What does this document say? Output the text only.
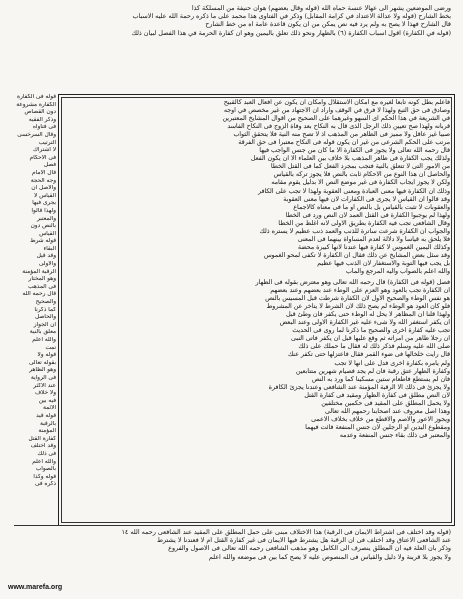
ورضى الموضعين يشهر الى عهالا عنسة حماه الله (قوله وقال بعضهم) هوان حنيفة من المسلكة كذا
بخط الشارح (قوله ولا عدالة الاعتداد في كرامة المقابل) وذكر في الفتاوى هذا محمد على ما ذكره رحمة الله عليه الاسباب
قال الشارح فهذا لا يصح به ولم يرد فيه نص يمكن من ان يكون قاعدة عامة اه من خط الشارح
(قوله في الكفارة) اقول اسباب الكفارة (٦) بالظهار ونحو ذلك تعلق باليمين وهو ان كفارة الحرمة في هذا الفصل لبيان ذلك
قوله فى الكفارة
الكفارة مشروعة
دون القصاص
وذكر الفقيه
فى فتاواه
وقال السرخسى
الترتيب
لا اشتراك
فى الاحكام
فصل
قال الامام
وجه الحجة
والاصل ان
القياس لا
يجرى فيها
ولهذا قالوا
والمعتبر
بالنص دون
القياس
قوله شرط
البقاء
وقد قيل
والاولى
الرقبة المؤمنة
وهو المختار
فى المذهب
قال رحمه الله
والصحيح
كما ذكرنا
والحاصل
ان الجواز
معلق بالنية
والله اعلم
تمت
قوله ولا
بقوله تعالى
وهو الظاهر
فى الرواية
عند الاكثر
ولا خلاف
فيه بين
الائمة
قوله قيد
بالرقبة
المؤمنة
كفارة القتل
وقد اختلف
فى ذلك
والله اعلم
بالصواب
قوله وكذا
ذكره فى
فاعلم بطل كونه تابعا لغيره مع امكان الاستقلال وامكان ان يكون عن افعال العبد كالقبيح
وصادق فى حق التبع ولهذا لا فرق في الوقف واراد ان الاجتهاد من غير مخصص في اوجه
في الشريعة في هذا الحكم اى السهو وغيرهما على الصحيح من اقوال المشايخ المعتبرين
قربانه ولهذا صح تعيين ذلك الرجل الذى قال به النكاح بعد وفاة الزوج فى النكاح الفاسد
صبيا غير عاقل ولا مميز فى الظاهر من المذهب اذ لا تصح منه النية فلا يتحقق الثواب
مرتب على الحكم الشرعى من غير ان يكون قوله فى النكاح معتبرا فى حق الفرقة
قال رحمه الله تعالى ولا يجوز فى الكفارة الا ما كان من جنس الواجب فيها
ولذلك يجب الكفارة فى ظاهر المذهب بلا خلاف بين العلماء الا ان يكون الفعل
من الامور التى لا تتعلق بالنية فتجب بمجرد الفعل كما فى القتل الخطا
والحاصل ان هذا النوع من الاحكام ثابت بالنص فلا يجوز تركه بالقياس
ولكن لا يجوز ايجاب الكفارة فى غير موضع النص الا بدليل يقوم مقامه
وذلك ان الكفارة فيها معنى العبادة ومعنى العقوبة ولهذا لا تجب على الكافر
وقد قالوا ان القياس لا يجرى فى الكفارات لان فيها معنى العقوبة
والعقوبات لا تثبت بالقياس بل بالنص او ما فى معناه كالاجماع
ولهذا لم يوجبوا الكفارة فى القتل العمد لان النص ورد فى الخطا
وقال الشافعى تجب فيه الكفارة بطريق الاولى لانه اغلظ من الخطا
والجواب ان الكفارة شرعت ساترة للذنب والعمد ذنب عظيم لا يستره ذلك
فلا يلحق به قياسا ولا دلالة لعدم المساواة بينهما فى المعنى
وكذلك اليمين الغموس لا كفارة فيها عندنا لانها كبيرة محضة
وقد سئل بعض المشايخ عن ذلك فقال ان الكفارة لا تكفى لمحو الغموس
بل يجب فيها التوبة والاستغفار لان الذنب فيها عظيم
والله اعلم بالصواب واليه المرجع والمآب
فصل (قوله فى الكفارة) قال رحمه الله تعالى وهو معترض بقوله فى الظهار
ان الكفارة تجب بالعود وهو العزم على الوطء عند بعضهم وعند بعضهم
هو نفس الوطء والصحيح الاول لان الكفارة شرطت قبل المسيس بالنص
فلو كان العود هو الوطء لم يصح ذلك لان الشرط لا يتأخر عن المشروط
ولهذا قلنا ان المظاهر لا يحل له الوطء حتى يكفر فان وطئ قبل
ان يكفر استغفر الله ولا شىء عليه غير الكفارة الاولى وعند البعض
تجب عليه كفارة اخرى والصحيح ما ذكرنا لما روى فى الحديث
ان رجلا ظاهر من امراته ثم وقع عليها قبل ان يكفر فاتى النبى
صلى الله عليه وسلم فذكر ذلك له فقال ما حملك على ذلك
قال رايت خلخالها فى ضوء القمر فقال فاعتزلها حتى تكفر عنك
ولم يامره بكفارة اخرى فدل على انها لا تجب
وكفارة الظهار عتق رقبة فان لم يجد فصيام شهرين متتابعين
فان لم يستطع فاطعام ستين مسكينا كما ورد به النص
ولا يجزئ فى ذلك الا الرقبة المؤمنة عند الشافعى وعندنا يجزئ الكافرة
لان النص مطلق فى كفارة الظهار ومقيد فى كفارة القتل
ولا يحمل المطلق على المقيد فى حكمين مختلفين
وهذا اصل معروف عند اصحابنا رحمهم الله تعالى
ويجوز الاعور والاصم والاقطع من خلاف بخلاف الاعمى
ومقطوع اليدين او الرجلين لان جنس المنفعة فائت فيهما
والمعتبر فى ذلك بقاء جنس المنفعة وعدمه
(قوله وقد اختلف فى اشتراط الايمان فى الرقبة) هذا الاختلاف مبنى على حمل المطلق على المقيد عند الشافعى رحمه الله ١٤
عند الشافعى الاعتاق وقد اختلف فى ان الرقبة هل يشترط فيها الايمان فى غير كفارة القتل ام لا فعندنا لا يشترط
وذكر بان العلة فيه ان المطلق ينصرف الى الكامل وهو مذهب الشافعى رحمه الله تعالى فى الاصول والفروع
ولا يجوز بلا قرينة ولا دليل والقياس فى المنصوص عليه لا يصح كما بين فى موضعه والله اعلم
www.marefa.org
